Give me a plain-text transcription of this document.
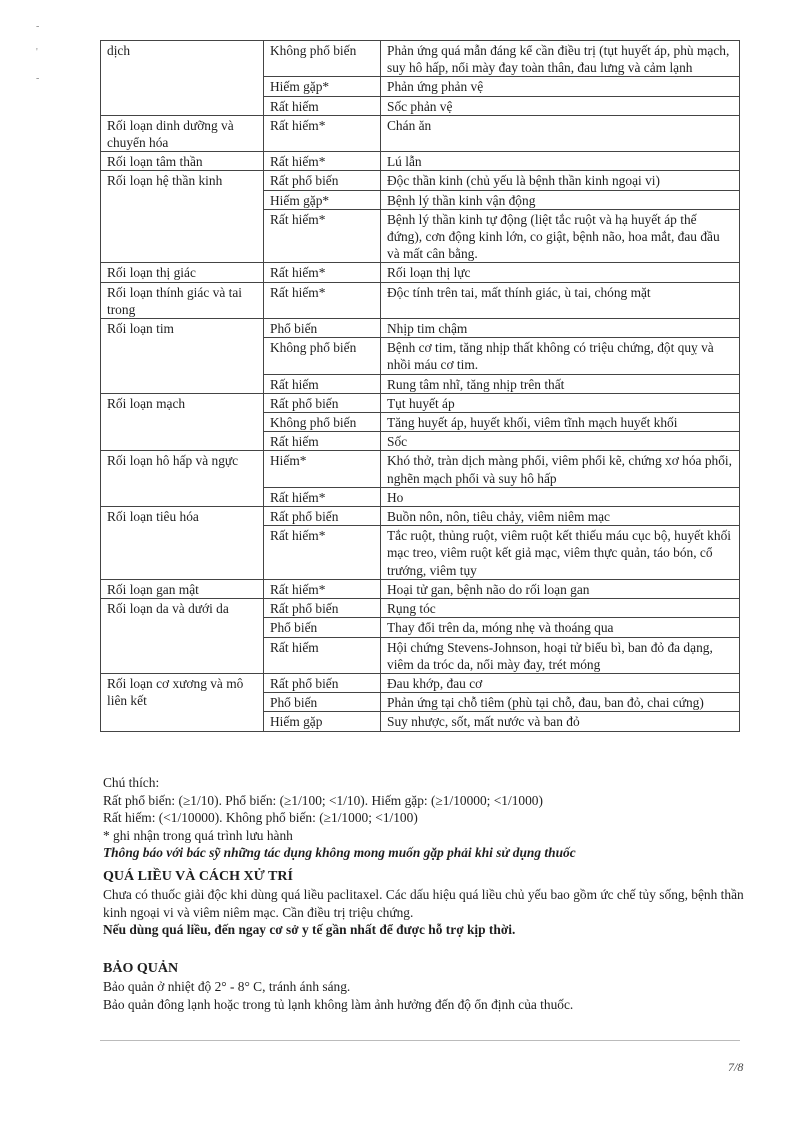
-
'
-
dịch	Không phổ biến	Phản ứng quá mẫn đáng kể cần điều trị (tụt huyết áp, phù mạch, suy hô hấp, nổi mày đay toàn thân, đau lưng và cảm lạnh
	Hiếm gặp*	Phản ứng phản vệ
	Rất hiếm	Sốc phản vệ
Rối loạn dinh dưỡng và chuyển hóa	Rất hiếm*	Chán ăn
Rối loạn tâm thần	Rất hiếm*	Lú lẫn
Rối loạn hệ thần kinh	Rất phổ biến	Độc thần kinh (chủ yếu là bệnh thần kinh ngoại vi)
	Hiếm gặp*	Bệnh lý thần kinh vận động
	Rất hiếm*	Bệnh lý thần kinh tự động (liệt tắc ruột và hạ huyết áp thế đứng), cơn động kinh lớn, co giật, bệnh não, hoa mắt, đau đầu và mất cân bằng.
Rối loạn thị giác	Rất hiếm*	Rối loạn thị lực
Rối loạn thính giác và tai trong	Rất hiếm*	Độc tính trên tai, mất thính giác, ù tai, chóng mặt
Rối loạn tim	Phổ biến	Nhịp tim chậm
	Không phổ biến	Bệnh cơ tim, tăng nhịp thất không có triệu chứng, đột quỵ và nhồi máu cơ tim.
	Rất hiếm	Rung tâm nhĩ, tăng nhịp trên thất
Rối loạn mạch	Rất phổ biến	Tụt huyết áp
	Không phổ biến	Tăng huyết áp, huyết khối, viêm tĩnh mạch huyết khối
	Rất hiếm	Sốc
Rối loạn hô hấp và ngực	Hiếm*	Khó thở, tràn dịch màng phổi, viêm phổi kẽ, chứng xơ hóa phổi, nghẽn mạch phổi và suy hô hấp
	Rất hiếm*	Ho
Rối loạn tiêu hóa	Rất phổ biến	Buồn nôn, nôn, tiêu chảy, viêm niêm mạc
	Rất hiếm*	Tắc ruột, thủng ruột, viêm ruột kết thiếu máu cục bộ, huyết khối mạc treo, viêm ruột kết giả mạc, viêm thực quản, táo bón, cổ trướng, viêm tụy
Rối loạn gan mật	Rất hiếm*	Hoại tử gan, bệnh não do rối loạn gan
Rối loạn da và dưới da	Rất phổ biến	Rụng tóc
	Phổ biến	Thay đổi trên da, móng nhẹ và thoáng qua
	Rất hiếm	Hội chứng Stevens-Johnson, hoại tử biểu bì, ban đỏ đa dạng, viêm da tróc da, nổi mày đay, trét móng
Rối loạn cơ xương và mô liên kết	Rất phổ biến	Đau khớp, đau cơ
	Phổ biến	Phản ứng tại chỗ tiêm (phù tại chỗ, đau, ban đỏ, chai cứng)
	Hiếm gặp	Suy nhược, sốt, mất nước và ban đỏ
Chú thích:
Rất phổ biến: (≥1/10). Phổ biến: (≥1/100; <1/10). Hiếm gặp: (≥1/10000; <1/1000)
Rất hiếm: (<1/10000). Không phổ biến: (≥1/1000; <1/100)
* ghi nhận trong quá trình lưu hành
Thông báo với bác sỹ những tác dụng không mong muốn gặp phải khi sử dụng thuốc
QUÁ LIỀU VÀ CÁCH XỬ TRÍ
Chưa có thuốc giải độc khi dùng quá liều paclitaxel. Các dấu hiệu quá liều chủ yếu bao gồm ức chế tủy sống, bệnh thần kinh ngoại vi và viêm niêm mạc. Cần điều trị triệu chứng.
Nếu dùng quá liều, đến ngay cơ sở y tế gần nhất để được hỗ trợ kịp thời.
BẢO QUẢN
Bảo quản ở nhiệt độ 2° - 8° C, tránh ánh sáng.
Bảo quản đông lạnh hoặc trong tủ lạnh không làm ảnh hưởng đến độ ổn định của thuốc.
7/8
